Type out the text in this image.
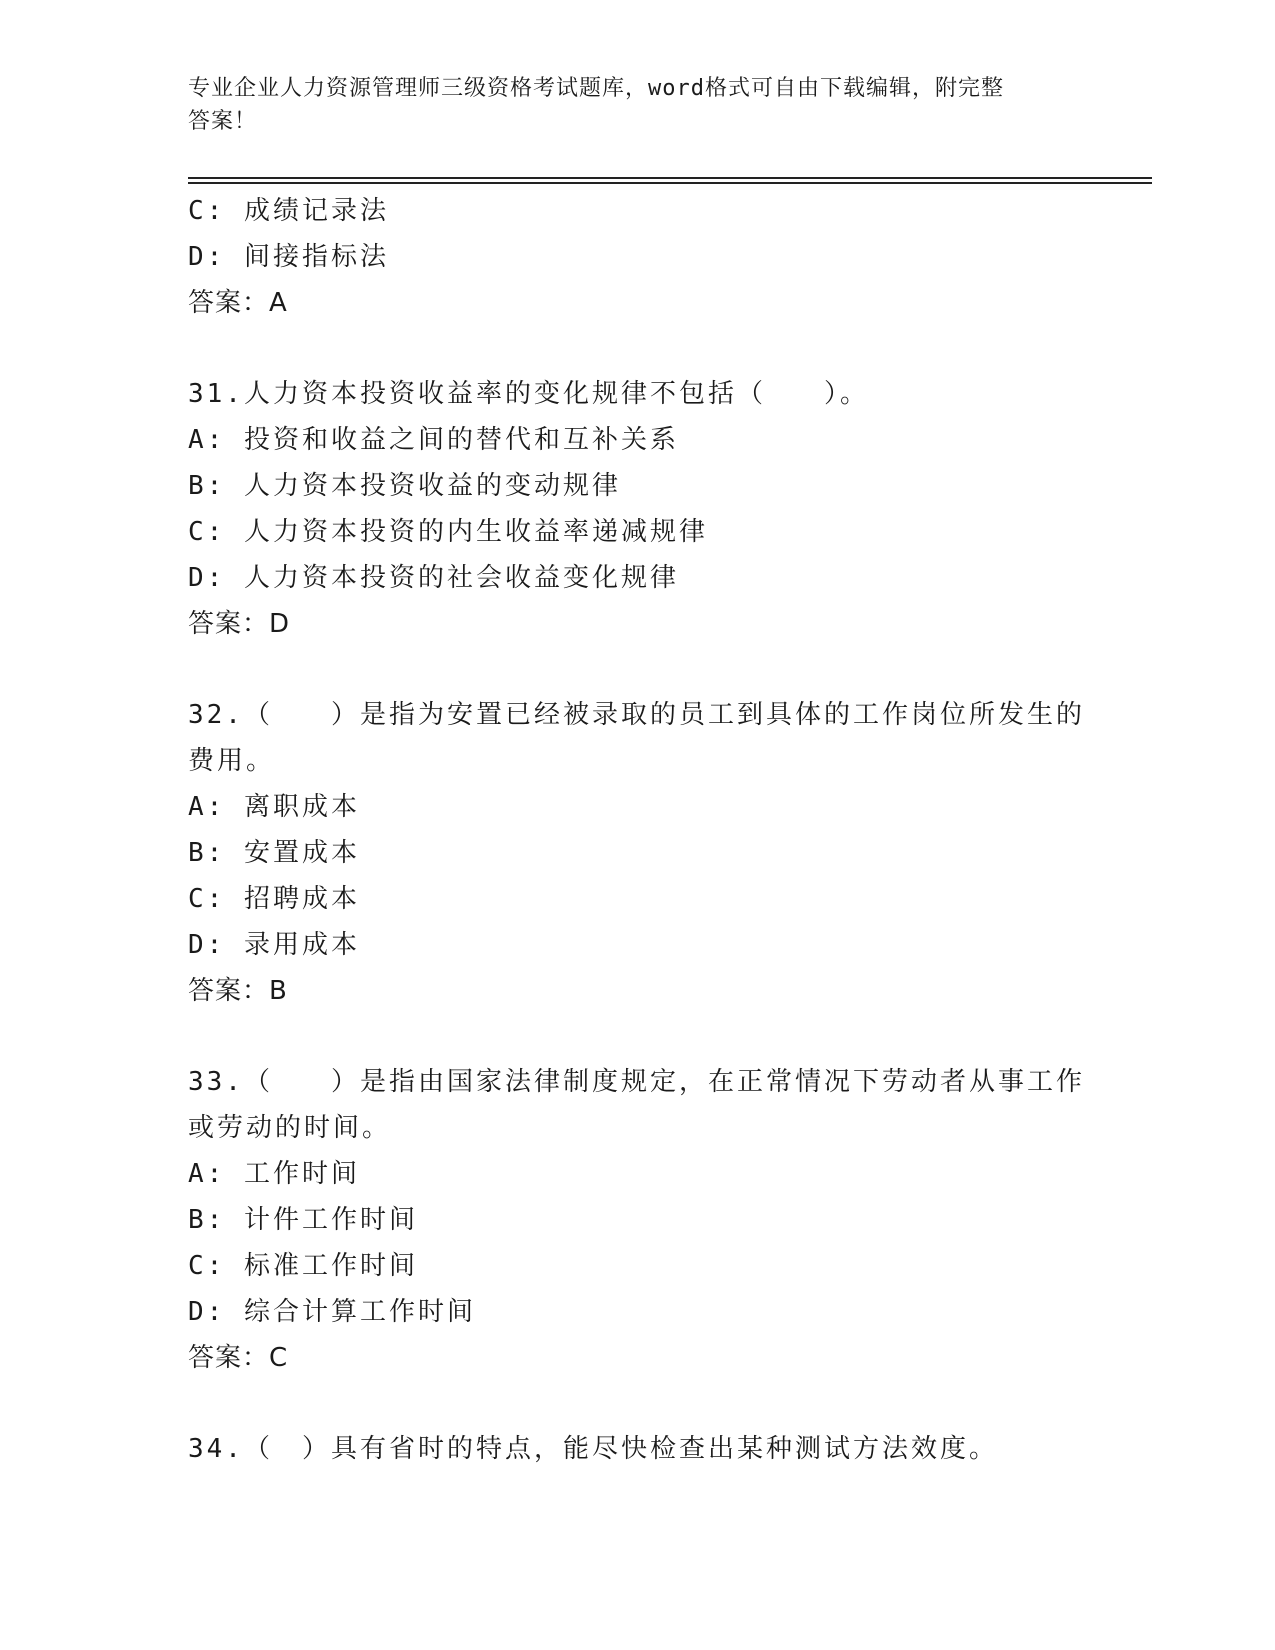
专业企业人力资源管理师三级资格考试题库，word格式可自由下载编辑，附完整
答案！
C: 成绩记录法
D: 间接指标法
答案：A
31.人力资本投资收益率的变化规律不包括（　　）。
A: 投资和收益之间的替代和互补关系
B: 人力资本投资收益的变动规律
C: 人力资本投资的内生收益率递减规律
D: 人力资本投资的社会收益变化规律
答案：D
32.（　　）是指为安置已经被录取的员工到具体的工作岗位所发生的
费用。
A: 离职成本
B: 安置成本
C: 招聘成本
D: 录用成本
答案：B
33.（　　）是指由国家法律制度规定，在正常情况下劳动者从事工作
或劳动的时间。
A: 工作时间
B: 计件工作时间
C: 标准工作时间
D: 综合计算工作时间
答案：C
34.（　）具有省时的特点，能尽快检查出某种测试方法效度。
